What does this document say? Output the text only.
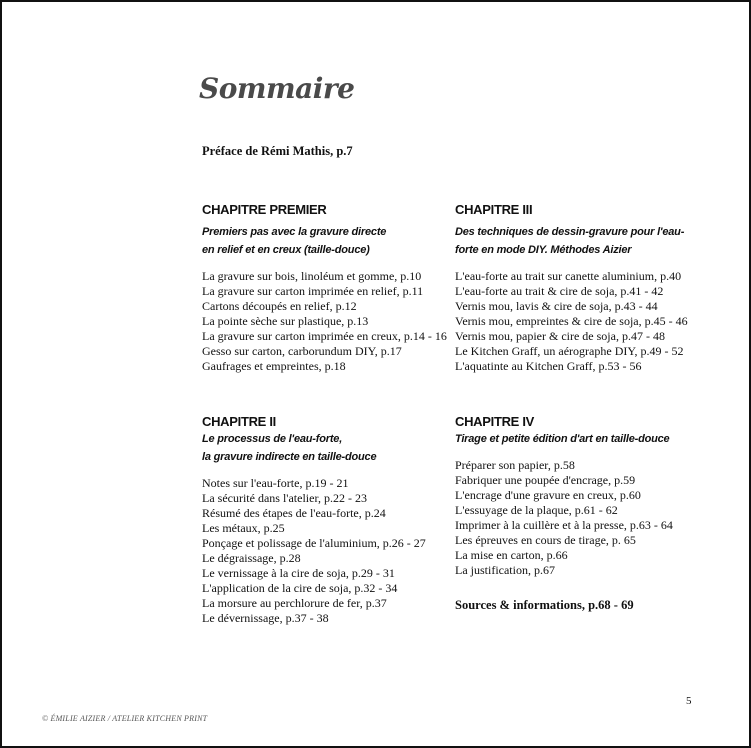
Sommaire
Préface de Rémi Mathis, p.7
CHAPITRE PREMIER
Premiers pas avec la gravure directe
en relief et en creux (taille-douce)
La gravure sur bois, linoléum et gomme, p.10
La gravure sur carton imprimée en relief, p.11
Cartons découpés en relief, p.12
La pointe sèche sur plastique, p.13
La gravure sur carton imprimée en creux, p.14 - 16
Gesso sur carton, carborundum DIY, p.17
Gaufrages et empreintes, p.18
CHAPITRE III
Des techniques de dessin-gravure pour l'eau-
forte en mode DIY. Méthodes Aizier
L'eau-forte au trait sur canette aluminium, p.40
L'eau-forte au trait & cire de soja, p.41 - 42
Vernis mou, lavis & cire de soja, p.43 - 44
Vernis mou, empreintes & cire de soja, p.45 - 46
Vernis mou, papier & cire de soja, p.47 - 48
Le Kitchen Graff, un aérographe DIY, p.49 - 52
L'aquatinte au Kitchen Graff, p.53 - 56
CHAPITRE II
Le processus de l'eau-forte,
la gravure indirecte en taille-douce
Notes sur l'eau-forte, p.19 - 21
La sécurité dans l'atelier, p.22 - 23
Résumé des étapes de l'eau-forte, p.24
Les métaux, p.25
Ponçage et polissage de l'aluminium, p.26 - 27
Le dégraissage, p.28
Le vernissage à la cire de soja, p.29 - 31
L'application de la cire de soja, p.32 - 34
La morsure au perchlorure de fer, p.37
Le dévernissage, p.37 - 38
CHAPITRE IV
Tirage et petite édition d'art en taille-douce
Préparer son papier, p.58
Fabriquer une poupée d'encrage, p.59
L'encrage d'une gravure en creux, p.60
L'essuyage de la plaque, p.61 - 62
Imprimer à la cuillère et à la presse, p.63 - 64
Les épreuves en cours de tirage, p. 65
La mise en carton, p.66
La justification, p.67
Sources & informations, p.68 - 69
5
© ÉMILIE AIZIER / ATELIER KITCHEN PRINT
